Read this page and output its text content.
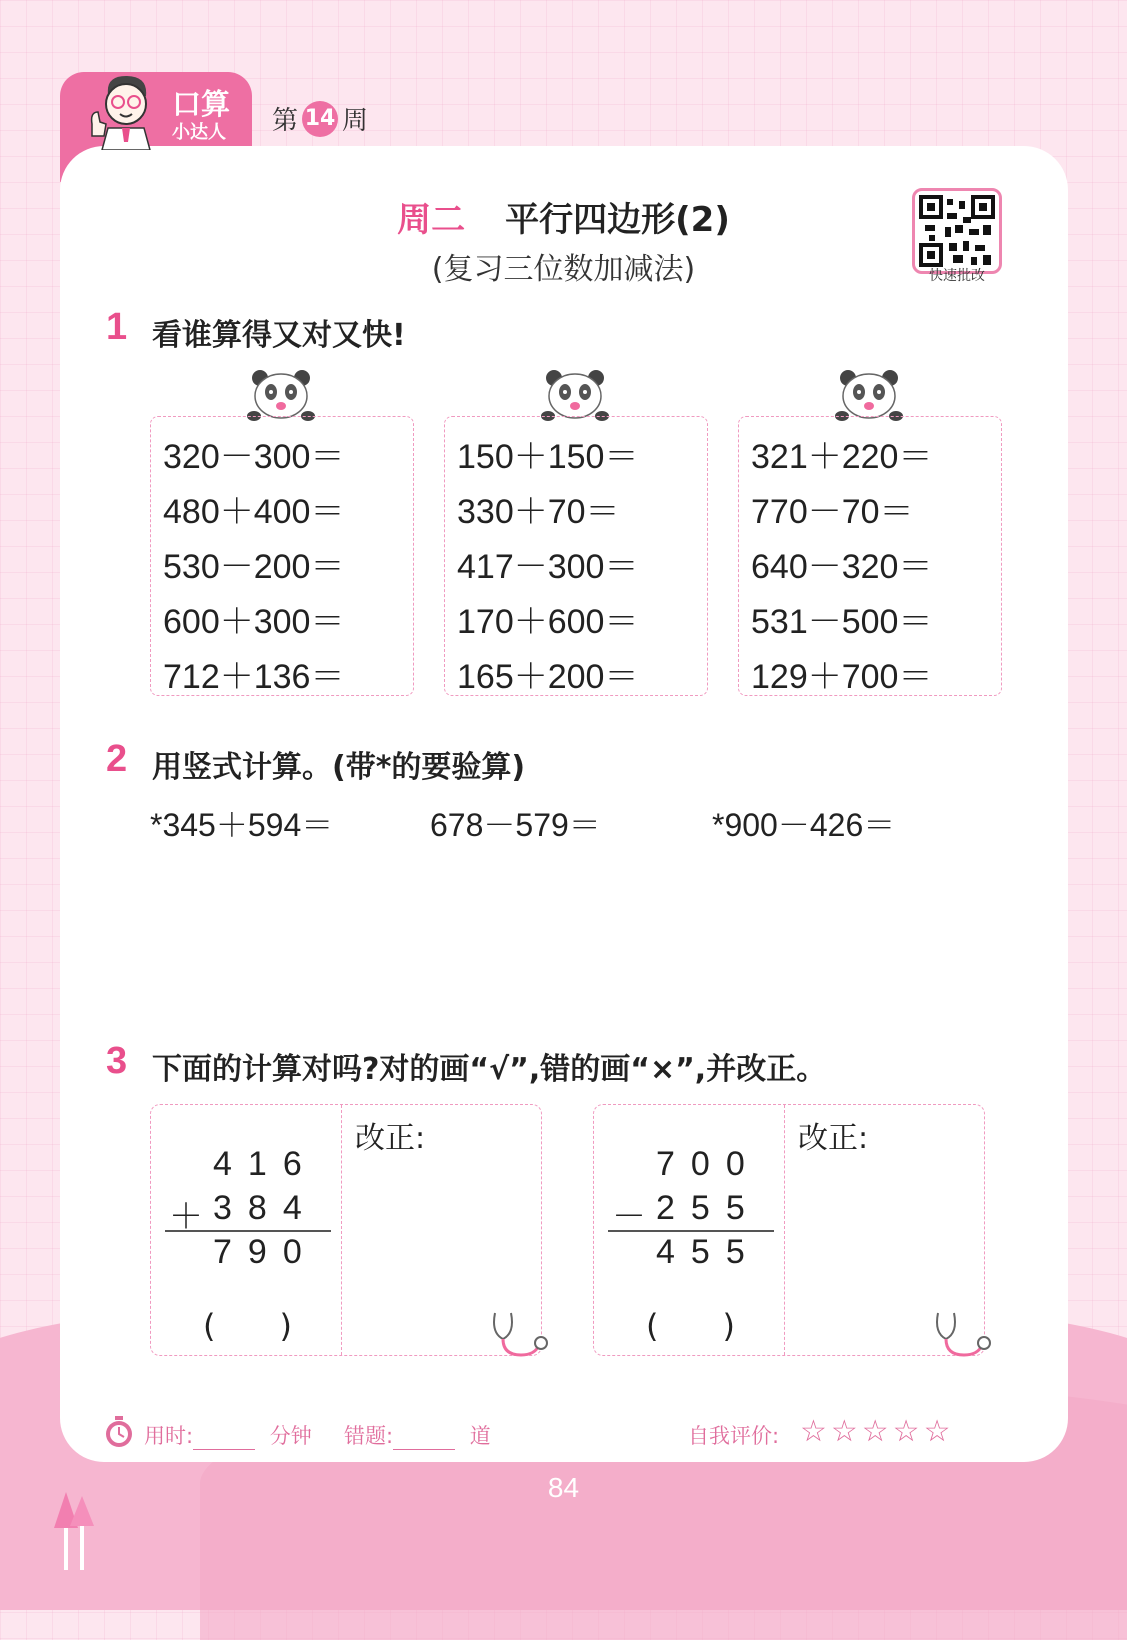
84
口算
小达人 第 14 周
周二 平行四边形(2)
(复习三位数加减法)	快速批改
1 看谁算得又对又快!
320－300＝
480＋400＝
530－200＝
600＋300＝
712＋136＝
150＋150＝
330＋70＝
417－300＝
170＋600＝
165＋200＝
321＋220＝
770－70＝
640－320＝
531－500＝
129＋700＝
2 用竖式计算。(带*的要验算)
*345＋594＝	678－579＝	*900－426＝
3 下面的计算对吗?对的画“√”,错的画“×”,并改正。
416
＋ 384
790
(　　)
改正:
700
－ 255
455
(　　)
改正:
用时:	分钟 错题:	道	自我评价: ☆☆☆☆☆
